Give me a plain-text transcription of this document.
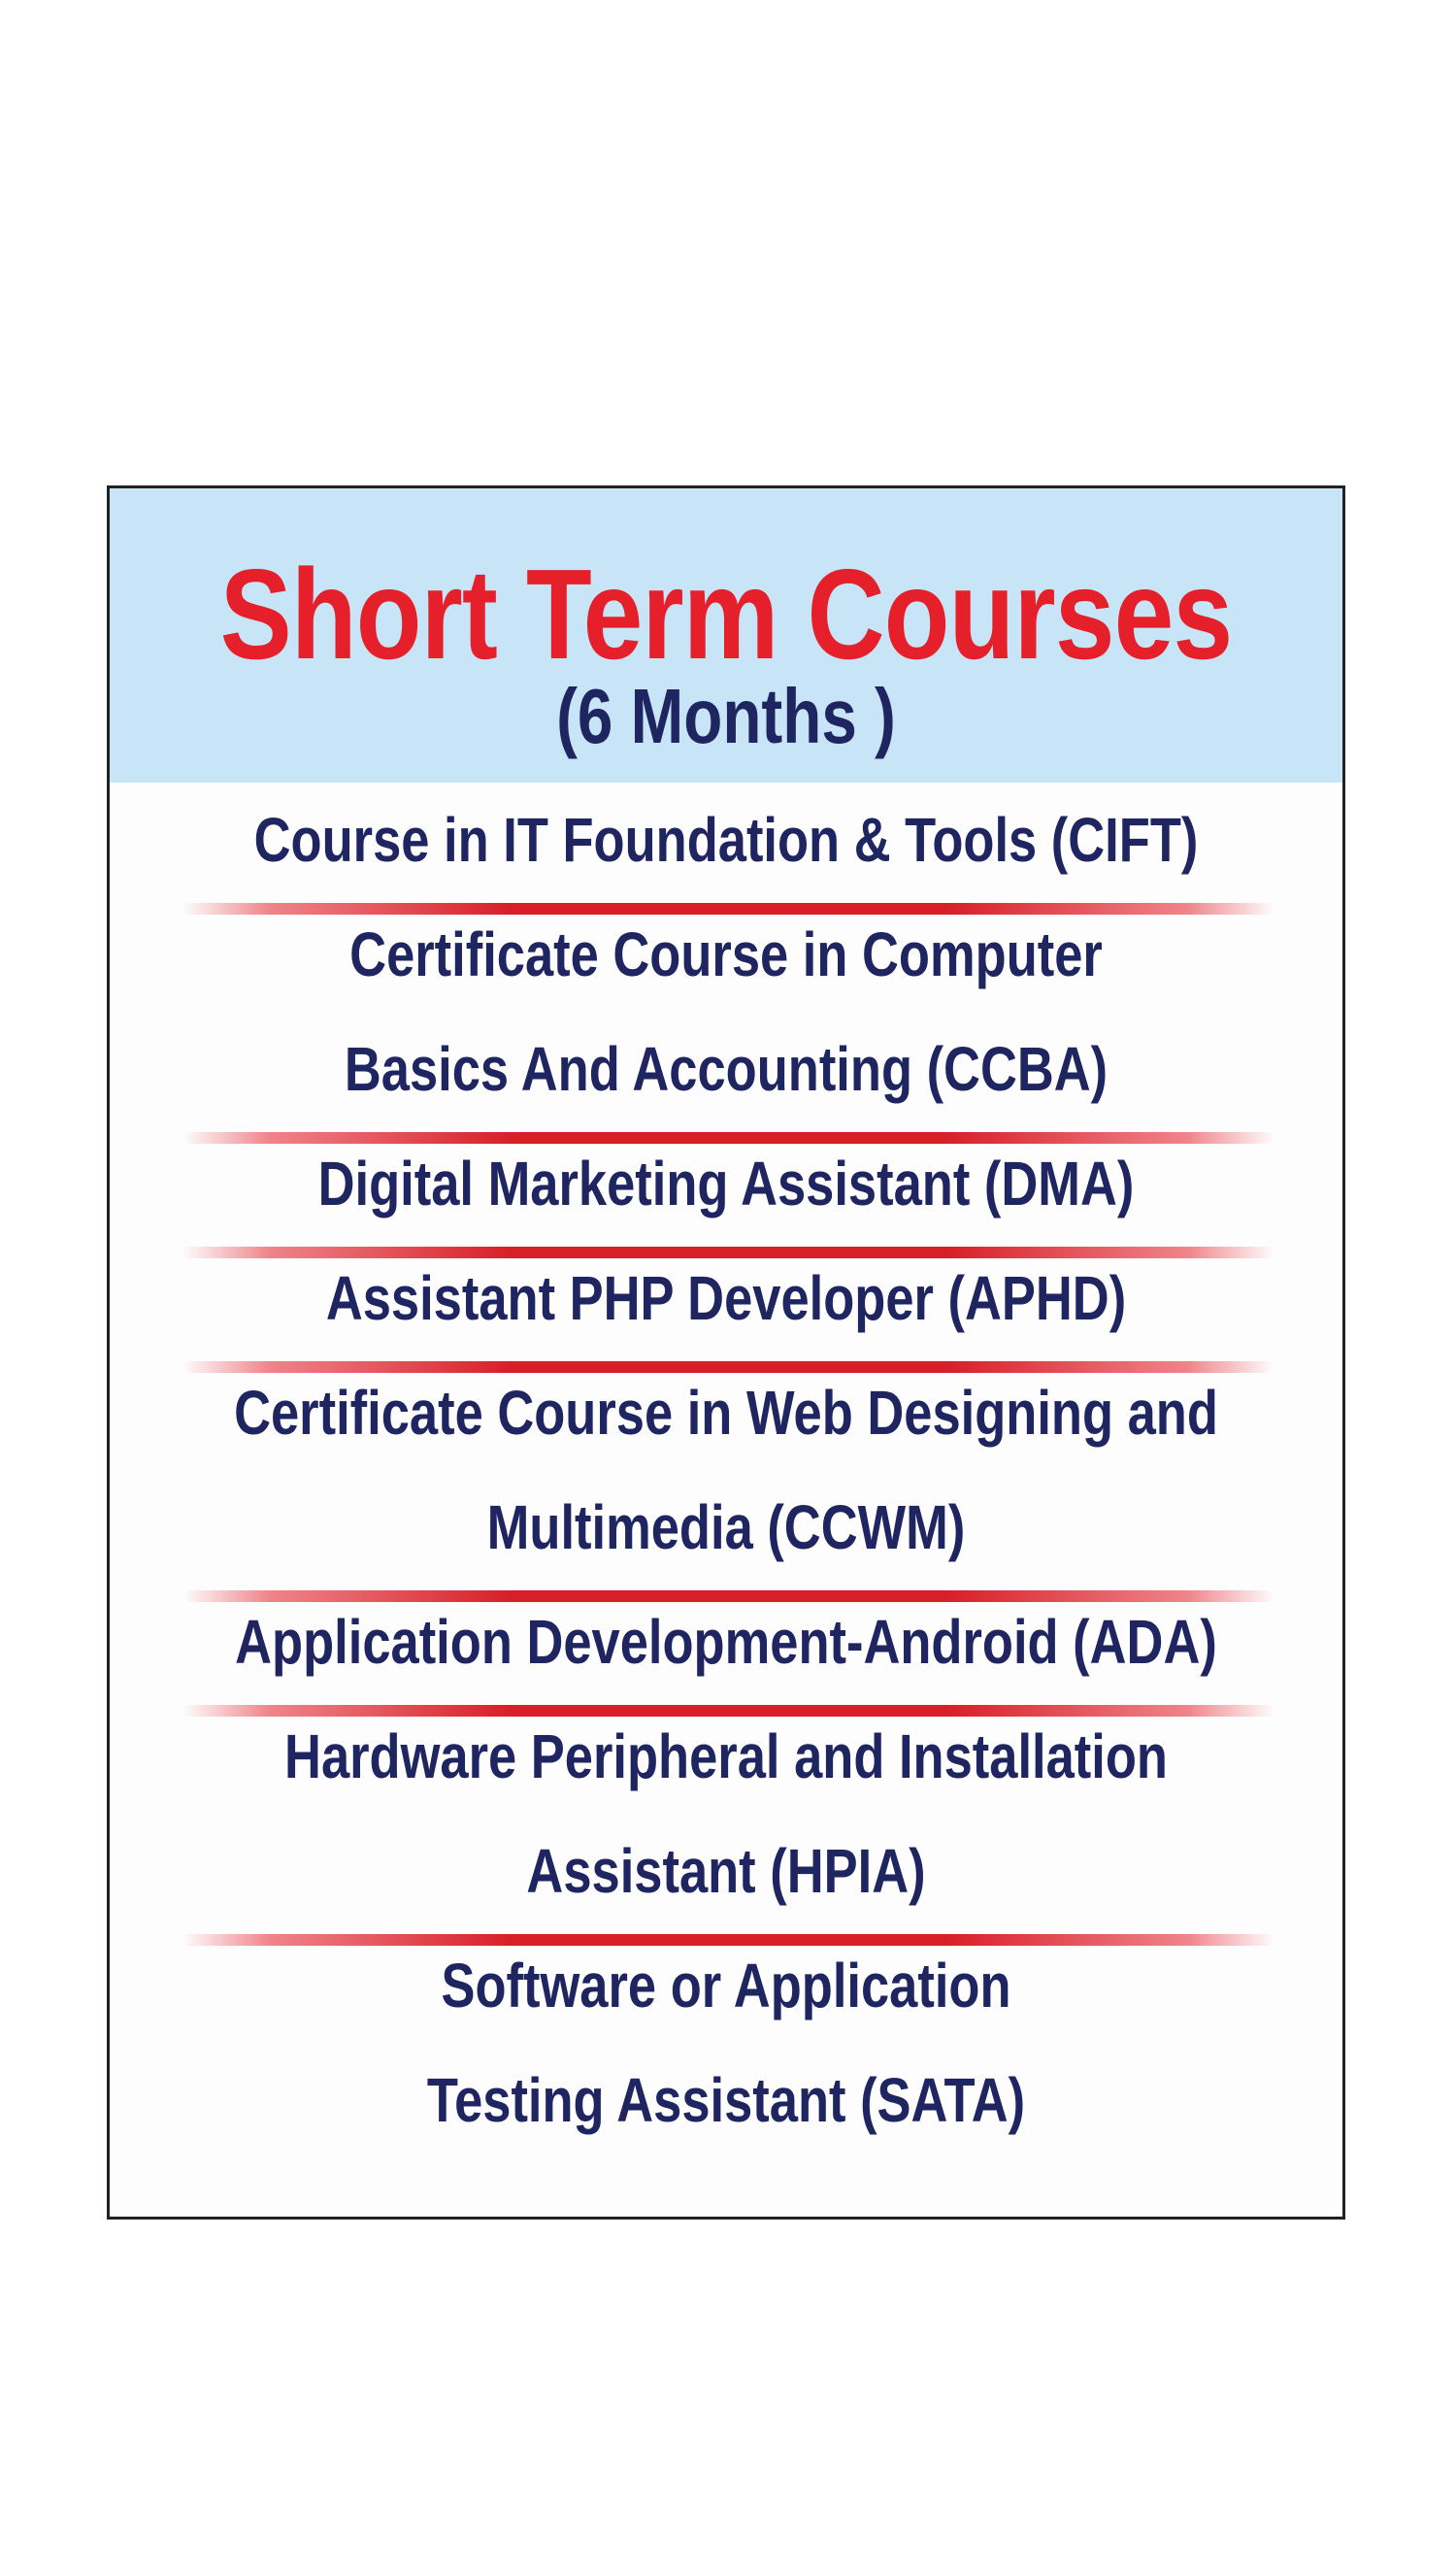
Short Term Courses
(6 Months )
Course in IT Foundation & Tools (CIFT)
Certificate Course in Computer
Basics And Accounting (CCBA)
Digital Marketing Assistant (DMA)
Assistant PHP Developer (APHD)
Certificate Course in Web Designing and
Multimedia (CCWM)
Application Development-Android (ADA)
Hardware Peripheral and Installation
Assistant (HPIA)
Software or Application
Testing Assistant (SATA)
